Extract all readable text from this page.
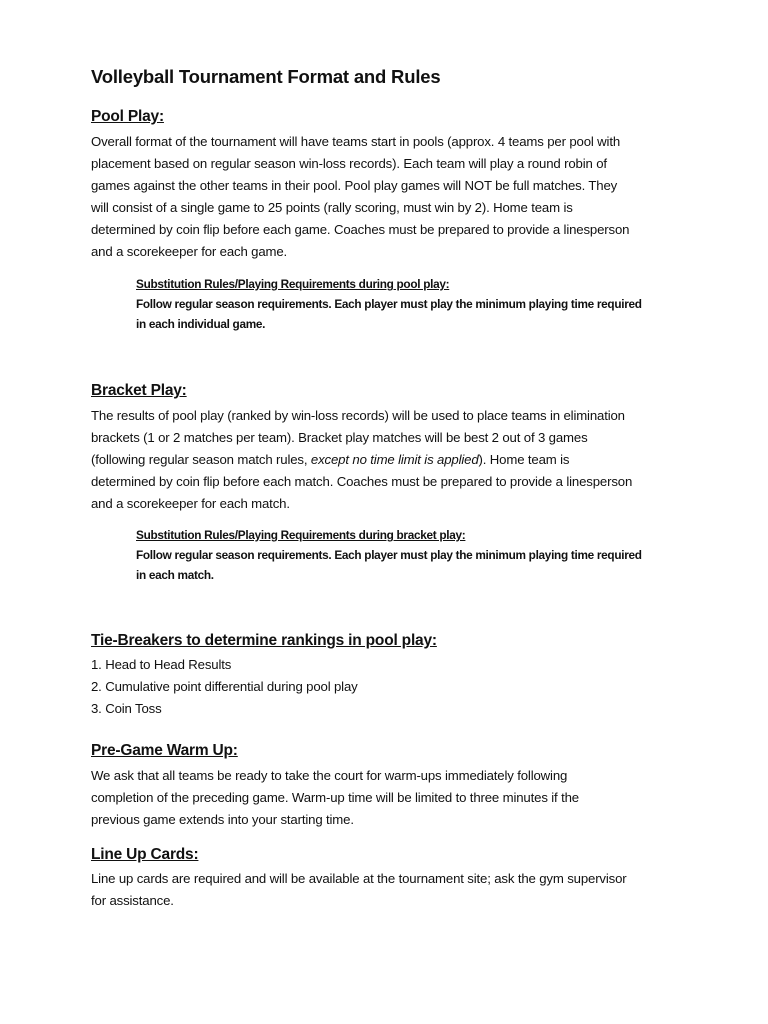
Volleyball Tournament Format and Rules
Pool Play:
Overall format of the tournament will have teams start in pools (approx. 4 teams per pool with
placement based on regular season win-loss records). Each team will play a round robin of
games against the other teams in their pool. Pool play games will NOT be full matches. They
will consist of a single game to 25 points (rally scoring, must win by 2). Home team is
determined by coin flip before each game. Coaches must be prepared to provide a linesperson
and a scorekeeper for each game.
Substitution Rules/Playing Requirements during pool play:
Follow regular season requirements. Each player must play the minimum playing time required
in each individual game.
Bracket Play:
The results of pool play (ranked by win-loss records) will be used to place teams in elimination
brackets (1 or 2 matches per team). Bracket play matches will be best 2 out of 3 games
(following regular season match rules, except no time limit is applied). Home team is
determined by coin flip before each match. Coaches must be prepared to provide a linesperson
and a scorekeeper for each match.
Substitution Rules/Playing Requirements during bracket play:
Follow regular season requirements. Each player must play the minimum playing time required
in each match.
Tie-Breakers to determine rankings in pool play:
1. Head to Head Results
2. Cumulative point differential during pool play
3. Coin Toss
Pre-Game Warm Up:
We ask that all teams be ready to take the court for warm-ups immediately following
completion of the preceding game. Warm-up time will be limited to three minutes if the
previous game extends into your starting time.
Line Up Cards:
Line up cards are required and will be available at the tournament site; ask the gym supervisor
for assistance.
